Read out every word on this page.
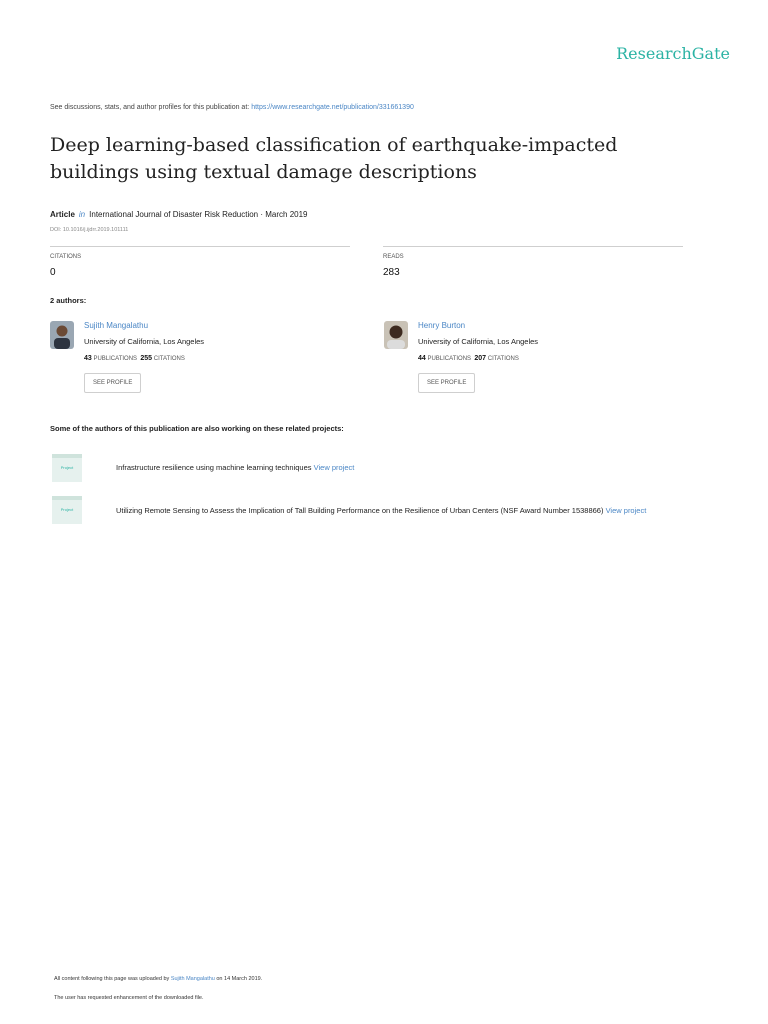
ResearchGate
See discussions, stats, and author profiles for this publication at: https://www.researchgate.net/publication/331661390
Deep learning-based classification of earthquake-impacted buildings using textual damage descriptions
Article in International Journal of Disaster Risk Reduction · March 2019
DOI: 10.1016/j.ijdrr.2019.101111
CITATIONS
0
READS
283
2 authors:
Sujith Mangalathu
University of California, Los Angeles
43 PUBLICATIONS 255 CITATIONS
SEE PROFILE
Henry Burton
University of California, Los Angeles
44 PUBLICATIONS 207 CITATIONS
SEE PROFILE
Some of the authors of this publication are also working on these related projects:
Project	Infrastructure resilience using machine learning techniques View project
Project	Utilizing Remote Sensing to Assess the Implication of Tall Building Performance on the Resilience of Urban Centers (NSF Award Number 1538866) View project
All content following this page was uploaded by Sujith Mangalathu on 14 March 2019.
The user has requested enhancement of the downloaded file.
